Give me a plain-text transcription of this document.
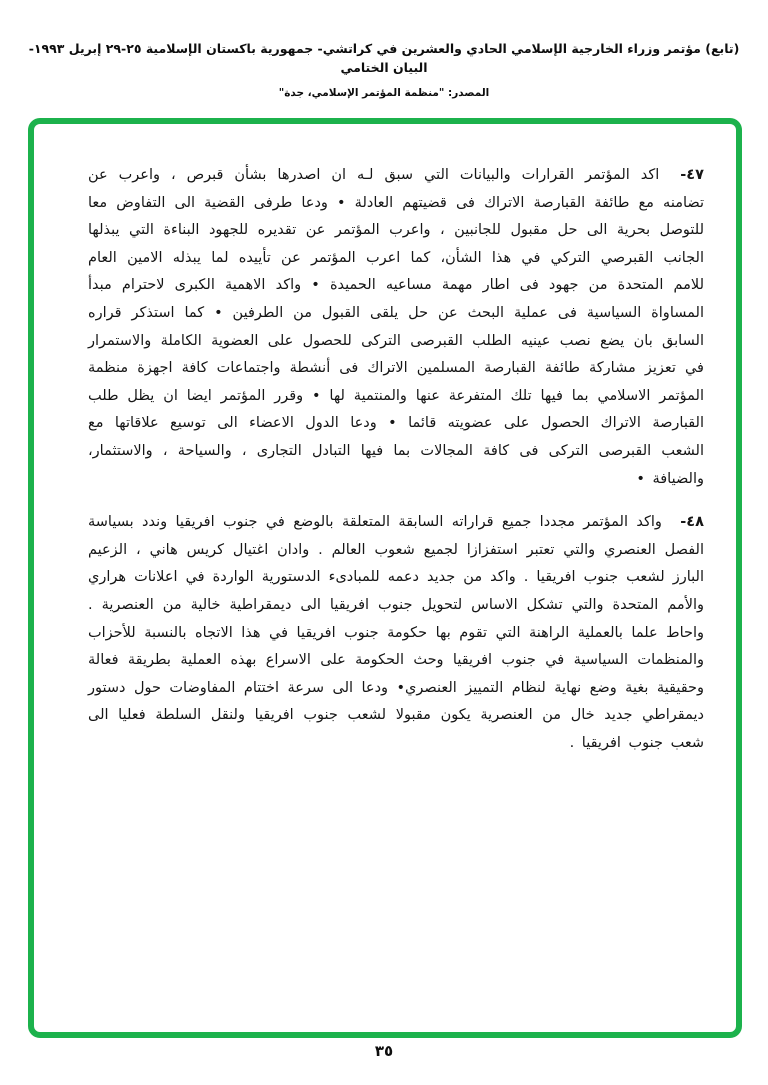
(تابع) مؤتمر وزراء الخارجية الإسلامي الحادي والعشرين في كراتشي- جمهورية باكستان الإسلامية ٢٥-٢٩ إبريل ١٩٩٣- البيان الختامي
المصدر: "منظمة المؤتمر الإسلامي، جدة"

٤٧- اكد المؤتمر القرارات والبيانات التي سبق لـه ان اصدرها بشأن قبرص ، واعرب عن تضامنه مع طائفة القبارصة الاتراك فى قضيتهم العادلة • ودعا طرفى القضية الى التفاوض معا للتوصل بحرية الى حل مقبول للجانبين ، واعرب المؤتمر عن تقديره للجهود البناءة التي يبذلها الجانب القبرصي التركي في هذا الشأن، كما اعرب المؤتمر عن تأييده لما يبذله الامين العام للامم المتحدة من جهود فى اطار مهمة مساعيه الحميدة • واكد الاهمية الكبرى لاحترام مبدأ المساواة السياسية فى عملية البحث عن حل يلقى القبول من الطرفين • كما استذكر قراره السابق بان يضع نصب عينيه الطلب القبرصى التركى للحصول على العضوية الكاملة والاستمرار في تعزيز مشاركة طائفة القبارصة المسلمين الاتراك فى أنشطة واجتماعات كافة اجهزة منظمة المؤتمر الاسلامي بما فيها تلك المتفرعة عنها والمنتمية لها • وقرر المؤتمر ايضا ان يظل طلب القبارصة الاتراك الحصول على عضويته قائما • ودعا الدول الاعضاء الى توسيع علاقاتها مع الشعب القبرصى التركى فى كافة المجالات بما فيها التبادل التجارى ، والسياحة ، والاستثمار، والضيافة •

٤٨- واكد المؤتمر مجددا جميع قراراته السابقة المتعلقة بالوضع في جنوب افريقيا وندد بسياسة الفصل العنصري والتي تعتبر استفزازا لجميع شعوب العالم . وادان اغتيال كريس هاني ، الزعيم البارز لشعب جنوب افريقيا . واكد من جديد دعمه للمبادىء الدستورية الواردة في اعلانات هراري والأمم المتحدة والتي تشكل الاساس لتحويل جنوب افريقيا الى ديمقراطية خالية من العنصرية . واحاط علما بالعملية الراهنة التي تقوم بها حكومة جنوب افريقيا في هذا الاتجاه بالنسبة للأحزاب والمنظمات السياسية في جنوب افريقيا وحث الحكومة على الاسراع بهذه العملية بطريقة فعالة وحقيقية بغية وضع نهاية لنظام التمييز العنصري• ودعا الى سرعة اختتام المفاوضات حول دستور ديمقراطي جديد خال من العنصرية يكون مقبولا لشعب جنوب افريقيا ولنقل السلطة فعليا الى شعب جنوب افريقيا .

٣٥
